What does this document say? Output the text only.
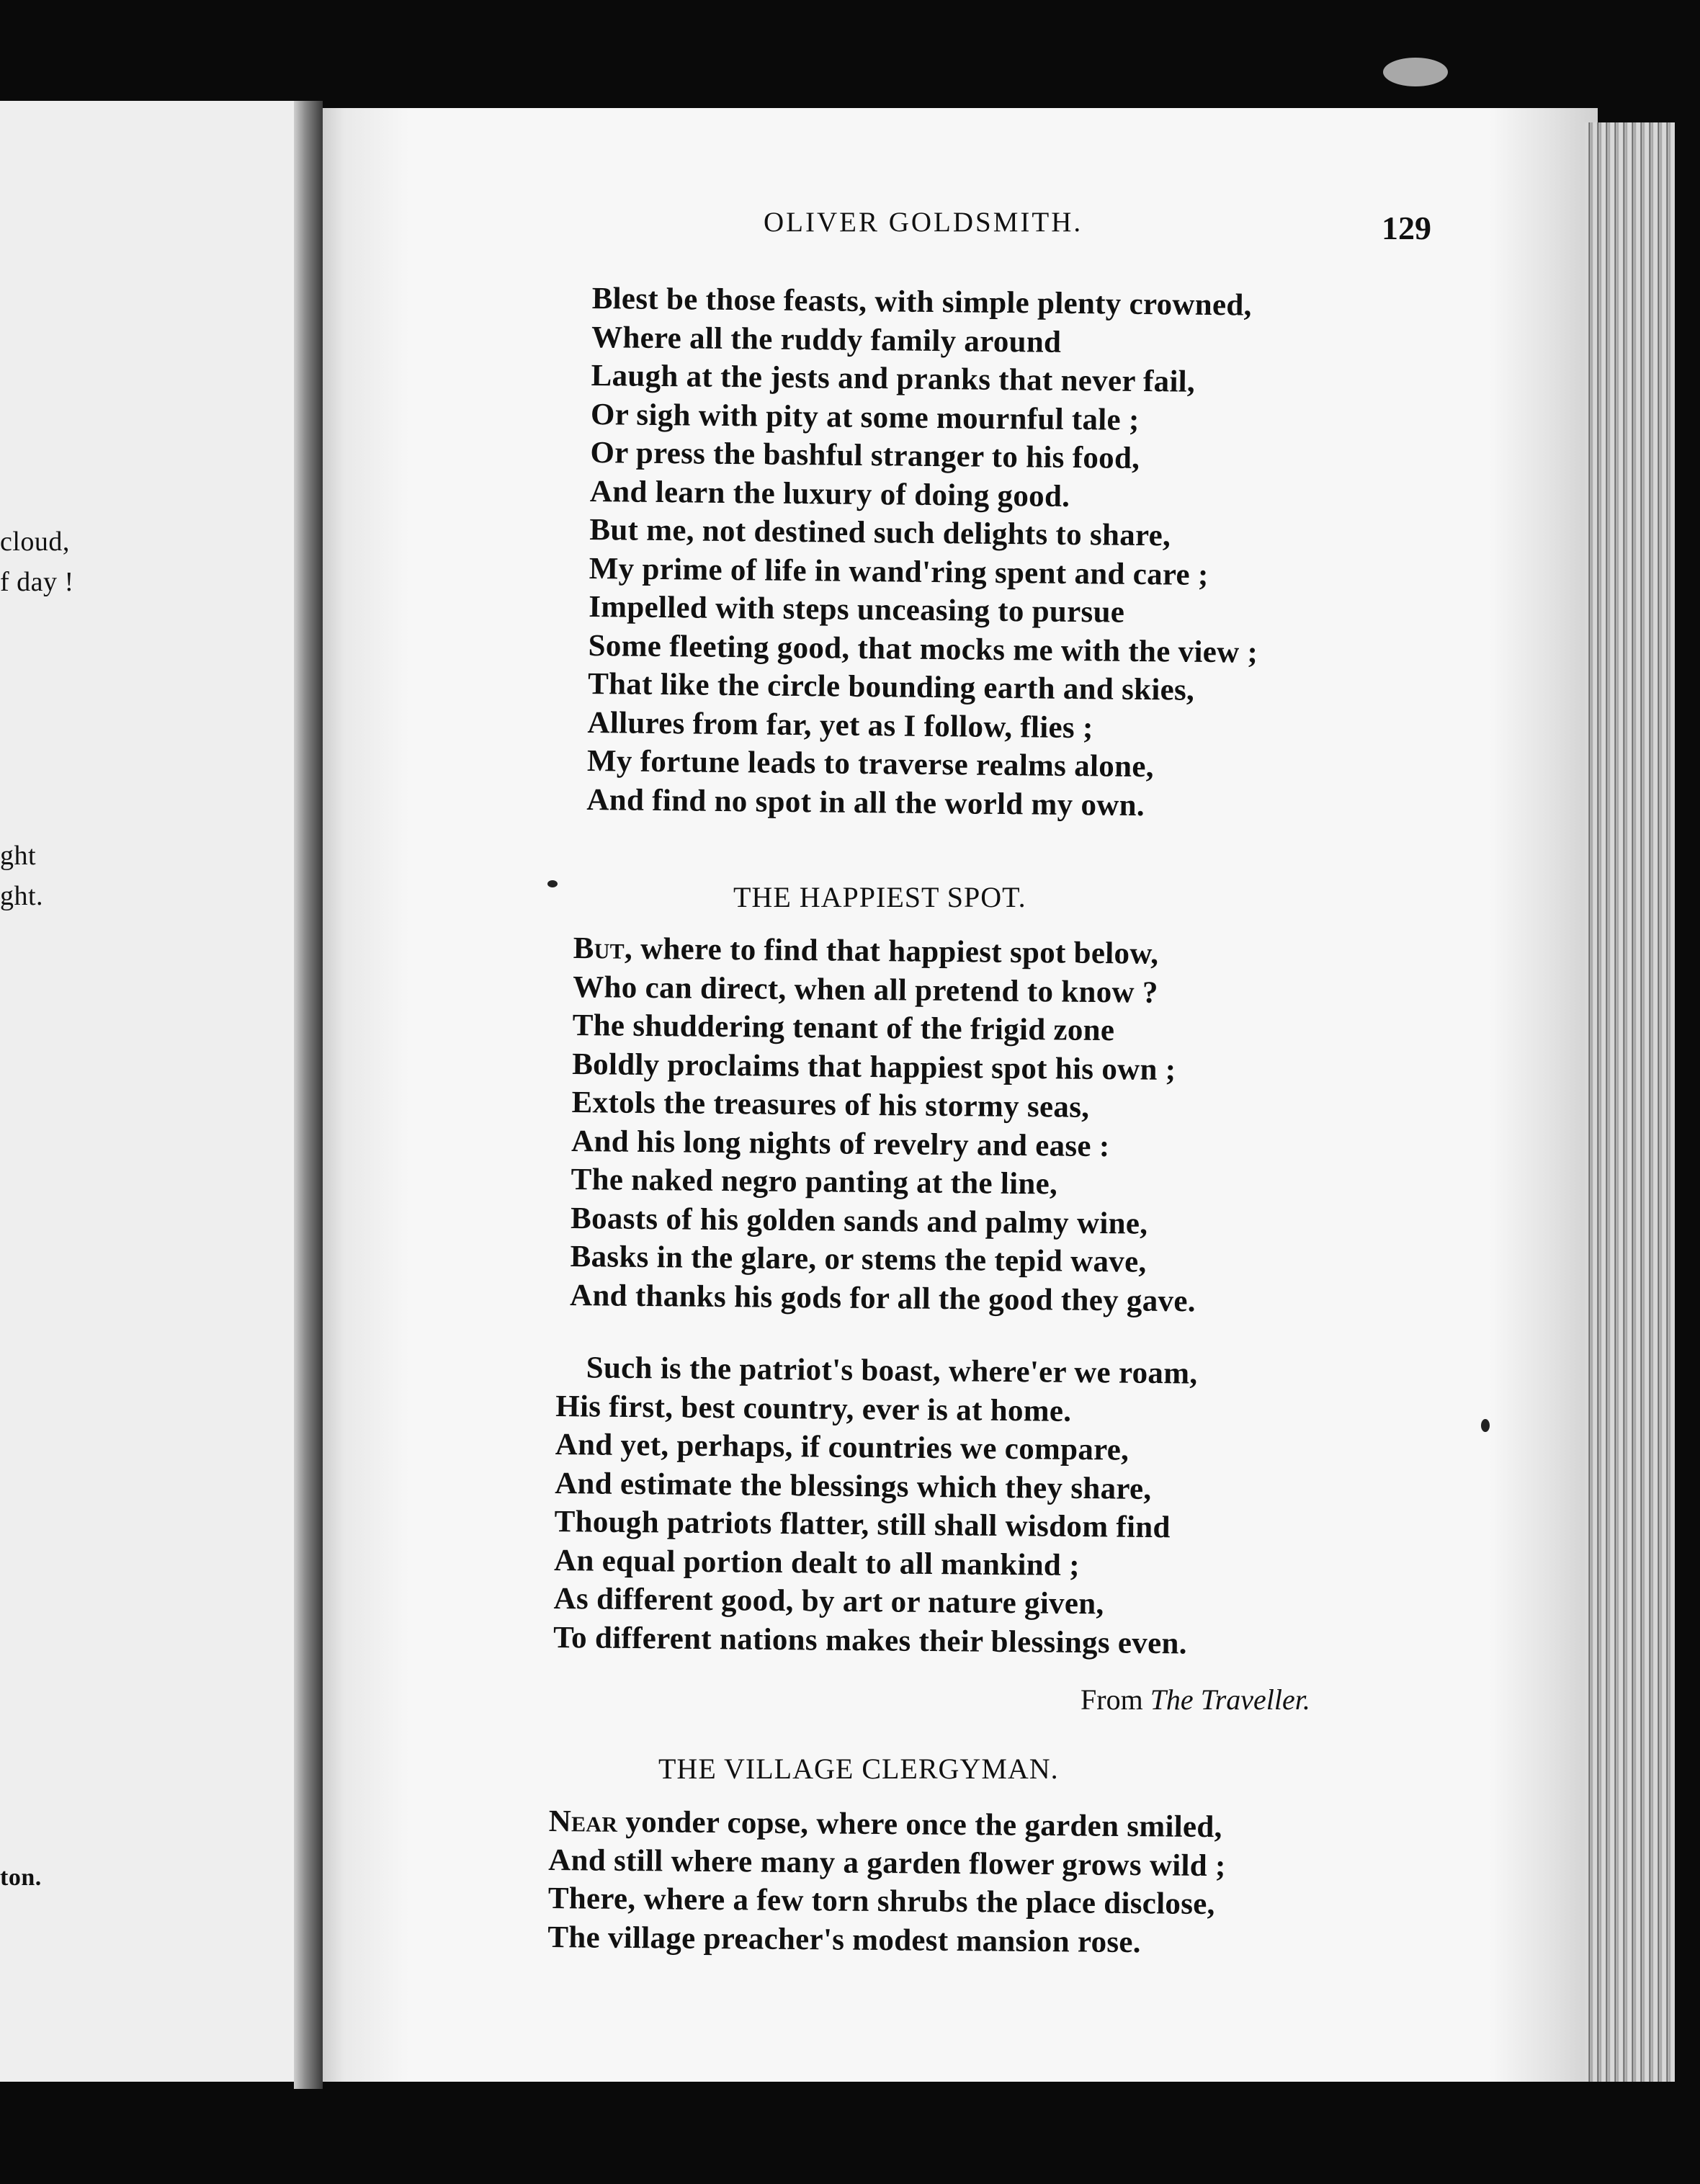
cloud,
f day !
ght
ght.
ton.
OLIVER GOLDSMITH.	129
Blest be those feasts, with simple plenty crowned,
Where all the ruddy family around
Laugh at the jests and pranks that never fail,
Or sigh with pity at some mournful tale ;
Or press the bashful stranger to his food,
And learn the luxury of doing good.
But me, not destined such delights to share,
My prime of life in wand'ring spent and care ;
Impelled with steps unceasing to pursue
Some fleeting good, that mocks me with the view ;
That like the circle bounding earth and skies,
Allures from far, yet as I follow, flies ;
My fortune leads to traverse realms alone,
And find no spot in all the world my own.
THE HAPPIEST SPOT.
But, where to find that happiest spot below,
Who can direct, when all pretend to know ?
The shuddering tenant of the frigid zone
Boldly proclaims that happiest spot his own ;
Extols the treasures of his stormy seas,
And his long nights of revelry and ease :
The naked negro panting at the line,
Boasts of his golden sands and palmy wine,
Basks in the glare, or stems the tepid wave,
And thanks his gods for all the good they gave.
Such is the patriot's boast, where'er we roam,
His first, best country, ever is at home.
And yet, perhaps, if countries we compare,
And estimate the blessings which they share,
Though patriots flatter, still shall wisdom find
An equal portion dealt to all mankind ;
As different good, by art or nature given,
To different nations makes their blessings even.
From The Traveller.
THE VILLAGE CLERGYMAN.
Near yonder copse, where once the garden smiled,
And still where many a garden flower grows wild ;
There, where a few torn shrubs the place disclose,
The village preacher's modest mansion rose.
